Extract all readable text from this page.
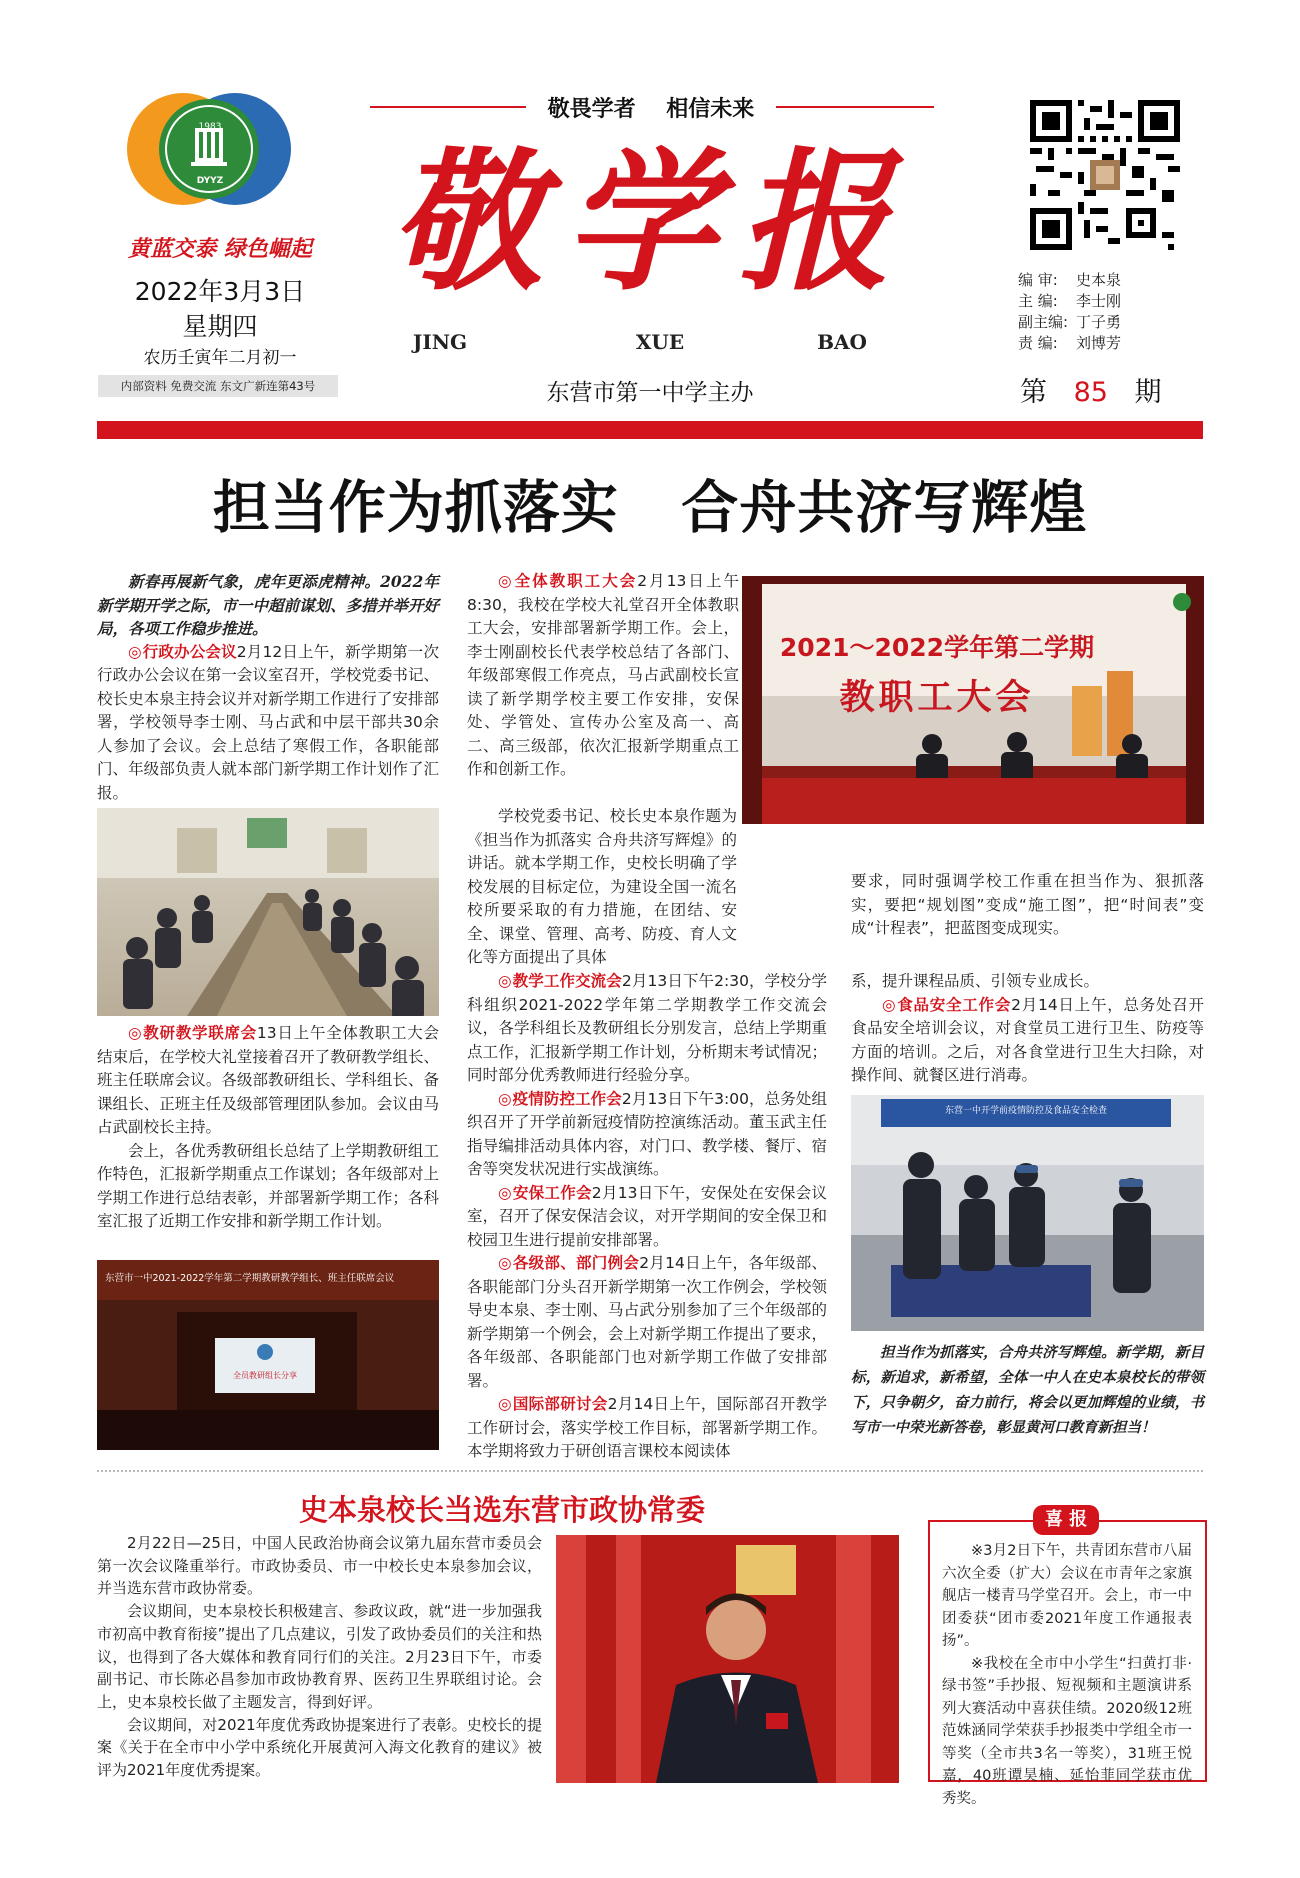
1983
DYYZ
黄蓝交泰 绿色崛起
2022年3月3日
星期四
农历壬寅年二月初一
内部资料 免费交流 东文广新连第43号
敬畏学者    相信未来
敬学报
JING	XUE	BAO
东营市第一中学主办
编 审:	史本泉
主 编:	李士刚
副主编: 丁子勇
责 编:	刘博芳
第 85 期
担当作为抓落实   合舟共济写辉煌

新春再展新气象，虎年更添虎精神。2022年新学期开学之际，市一中超前谋划、多措并举开好局，各项工作稳步推进。

◎ 行政办公会议2月12日上午，新学期第一次行政办公会议在第一会议室召开，学校党委书记、校长史本泉主持会议并对新学期工作进行了安排部署，学校领导李士刚、马占武和中层干部共30余人参加了会议。会上总结了寒假工作，各职能部门、年级部负责人就本部门新学期工作计划作了汇报。

◎ 教研教学联席会13日上午全体教职工大会结束后，在学校大礼堂接着召开了教研教学组长、班主任联席会议。各级部教研组长、学科组长、备课组长、正班主任及级部管理团队参加。会议由马占武副校长主持。

会上，各优秀教研组长总结了上学期教研组工作特色，汇报新学期重点工作谋划；各年级部对上学期工作进行总结表彰，并部署新学期工作；各科室汇报了近期工作安排和新学期工作计划。

东营市一中2021-2022学年第二学期教研教学组长、班主任联席会议
全员教研组长分享

◎ 全体教职工大会2月13日上午8:30，我校在学校大礼堂召开全体教职工大会，安排部署新学期工作。会上，李士刚副校长代表学校总结了各部门、年级部寒假工作亮点，马占武副校长宣读了新学期学校主要工作安排，安保处、学管处、宣传办公室及高一、高二、高三级部，依次汇报新学期重点工作和创新工作。

2021～2022学年第二学期
教职工大会

学校党委书记、校长史本泉作题为《担当作为抓落实 合舟共济写辉煌》的讲话。就本学期工作，史校长明确了学校发展的目标定位，为建设全国一流名校所要采取的有力措施，在团结、安全、课堂、管理、高考、防疫、育人文化等方面提出了具体

要求，同时强调学校工作重在担当作为、狠抓落实，要把“规划图”变成“施工图”，把“时间表”变成“计程表”，把蓝图变成现实。

◎ 教学工作交流会2月13日下午2:30，学校分学科组织2021-2022学年第二学期教学工作交流会议，各学科组长及教研组长分别发言，总结上学期重点工作，汇报新学期工作计划，分析期末考试情况；同时部分优秀教师进行经验分享。

◎ 疫情防控工作会2月13日下午3:00，总务处组织召开了开学前新冠疫情防控演练活动。董玉武主任指导编排活动具体内容，对门口、教学楼、餐厅、宿舍等突发状况进行实战演练。

◎ 安保工作会2月13日下午，安保处在安保会议室，召开了保安保洁会议，对开学期间的安全保卫和校园卫生进行提前安排部署。

◎ 各级部、部门例会2月14日上午，各年级部、各职能部门分头召开新学期第一次工作例会，学校领导史本泉、李士刚、马占武分别参加了三个年级部的新学期第一个例会，会上对新学期工作提出了要求，各年级部、各职能部门也对新学期工作做了安排部署。

◎ 国际部研讨会2月14日上午，国际部召开教学工作研讨会，落实学校工作目标，部署新学期工作。本学期将致力于研创语言课校本阅读体

系，提升课程品质、引领专业成长。

◎ 食品安全工作会2月14日上午，总务处召开食品安全培训会议，对食堂员工进行卫生、防疫等方面的培训。之后，对各食堂进行卫生大扫除，对操作间、就餐区进行消毒。

东营一中开学前疫情防控及食品安全检查

担当作为抓落实，合舟共济写辉煌。新学期，新目标，新追求，新希望，全体一中人在史本泉校长的带领下，只争朝夕，奋力前行，将会以更加辉煌的业绩，书写市一中荣光新答卷，彰显黄河口教育新担当！

史本泉校长当选东营市政协常委

2月22日—25日，中国人民政治协商会议第九届东营市委员会第一次会议隆重举行。市政协委员、市一中校长史本泉参加会议，并当选东营市政协常委。

会议期间，史本泉校长积极建言、参政议政，就“进一步加强我市初高中教育衔接”提出了几点建议，引发了政协委员们的关注和热议，也得到了各大媒体和教育同行们的关注。2月23日下午，市委副书记、市长陈必昌参加市政协教育界、医药卫生界联组讨论。会上，史本泉校长做了主题发言，得到好评。

会议期间，对2021年度优秀政协提案进行了表彰。史校长的提案《关于在全市中小学中系统化开展黄河入海文化教育的建议》被评为2021年度优秀提案。

喜 报

※3月2日下午，共青团东营市八届六次全委（扩大）会议在市青年之家旗舰店一楼青马学堂召开。会上，市一中团委获“团市委2021年度工作通报表扬”。

※我校在全市中小学生“扫黄打非·绿书签”手抄报、短视频和主题演讲系列大赛活动中喜获佳绩。2020级12班范姝涵同学荣获手抄报类中学组全市一等奖（全市共3名一等奖），31班王悦嘉，40班谭昊楠、延怡菲同学获市优秀奖。
